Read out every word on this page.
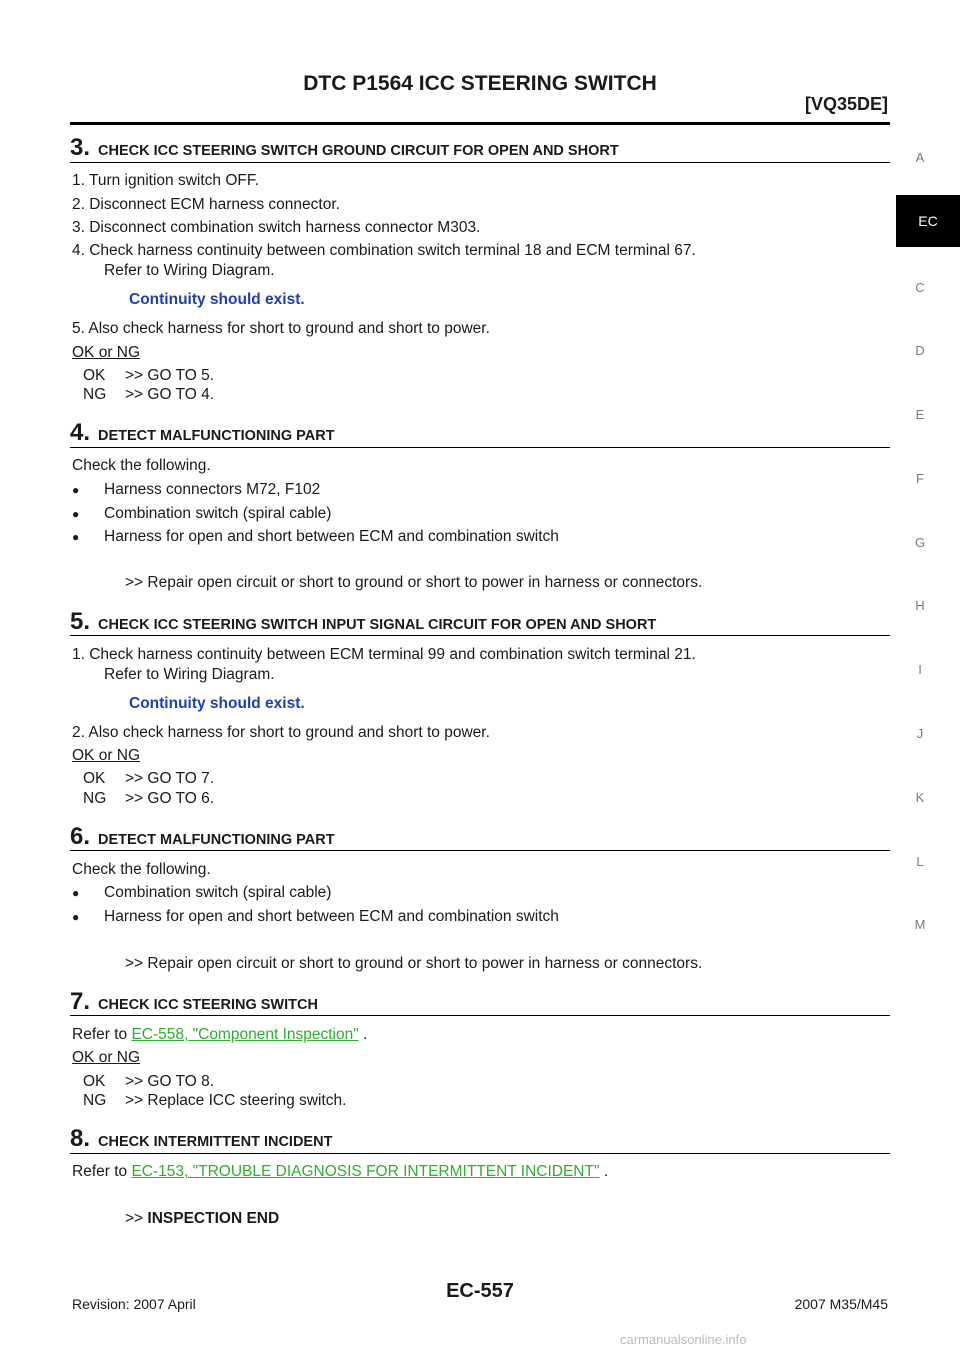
DTC P1564 ICC STEERING SWITCH
[VQ35DE]
A
EC
C
D
E
F
G
H
I
J
K
L
M
3. CHECK ICC STEERING SWITCH GROUND CIRCUIT FOR OPEN AND SHORT
1. Turn ignition switch OFF.
2. Disconnect ECM harness connector.
3. Disconnect combination switch harness connector M303.
4. Check harness continuity between combination switch terminal 18 and ECM terminal 67.
Refer to Wiring Diagram.
Continuity should exist.
5. Also check harness for short to ground and short to power.
OK or NG
OK >> GO TO 5.
NG >> GO TO 4.
4. DETECT MALFUNCTIONING PART
Check the following.
● Harness connectors M72, F102
● Combination switch (spiral cable)
● Harness for open and short between ECM and combination switch
>> Repair open circuit or short to ground or short to power in harness or connectors.
5. CHECK ICC STEERING SWITCH INPUT SIGNAL CIRCUIT FOR OPEN AND SHORT
1. Check harness continuity between ECM terminal 99 and combination switch terminal 21.
Refer to Wiring Diagram.
Continuity should exist.
2. Also check harness for short to ground and short to power.
OK or NG
OK >> GO TO 7.
NG >> GO TO 6.
6. DETECT MALFUNCTIONING PART
Check the following.
● Combination switch (spiral cable)
● Harness for open and short between ECM and combination switch
>> Repair open circuit or short to ground or short to power in harness or connectors.
7. CHECK ICC STEERING SWITCH
Refer to EC-558, "Component Inspection" .
OK or NG
OK >> GO TO 8.
NG >> Replace ICC steering switch.
8. CHECK INTERMITTENT INCIDENT
Refer to EC-153, "TROUBLE DIAGNOSIS FOR INTERMITTENT INCIDENT" .
>> INSPECTION END
Revision: 2007 April
EC-557
2007 M35/M45
carmanualsonline.info
